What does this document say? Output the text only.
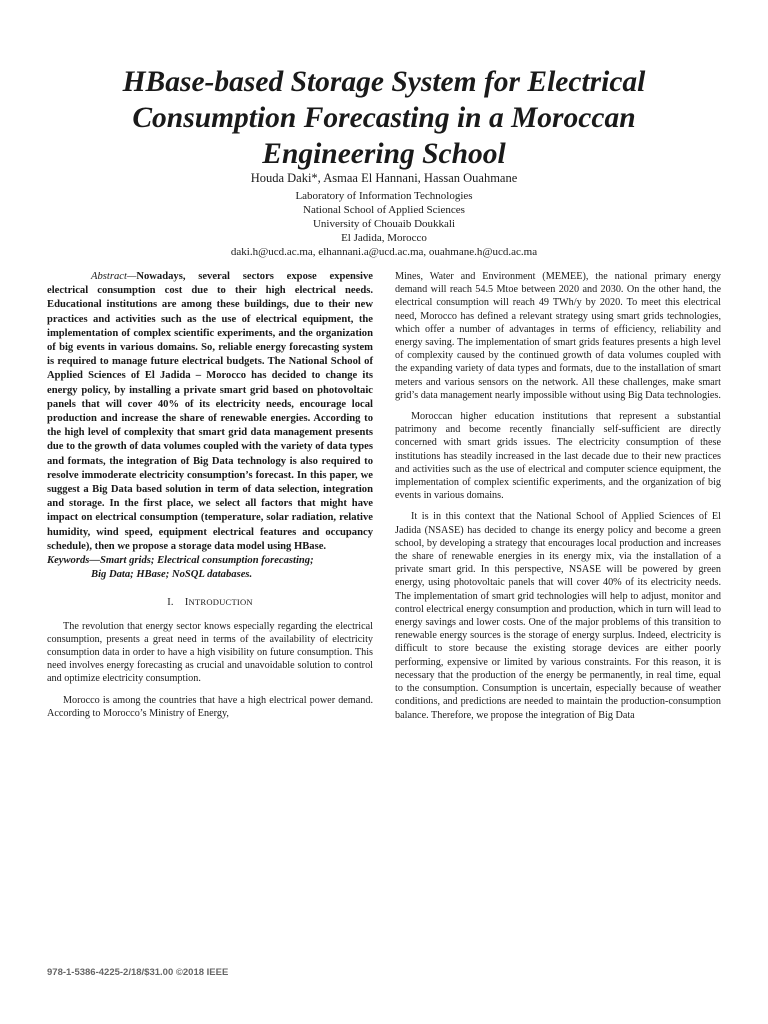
HBase-based Storage System for Electrical Consumption Forecasting in a Moroccan Engineering School

Houda Daki*, Asmaa El Hannani, Hassan Ouahmane

Laboratory of Information Technologies
National School of Applied Sciences
University of Chouaib Doukkali
El Jadida, Morocco
daki.h@ucd.ac.ma, elhannani.a@ucd.ac.ma, ouahmane.h@ucd.ac.ma

Abstract—Nowadays, several sectors expose expensive electrical consumption cost due to their high electrical needs. Educational institutions are among these buildings, due to their new practices and activities such as the use of electrical equipment, the implementation of complex scientific experiments, and the organization of big events in various domains. So, reliable energy forecasting system is required to manage future electrical budgets. The National School of Applied Sciences of El Jadida – Morocco has decided to change its energy policy, by installing a private smart grid based on photovoltaic panels that will cover 40% of its electricity needs, encourage local production and increase the share of renewable energies. According to the high level of complexity that smart grid data management presents due to the growth of data volumes coupled with the variety of data types and formats, the integration of Big Data technology is also required to resolve immoderate electricity consumption’s forecast. In this paper, we suggest a Big Data based solution in term of data selection, integration and storage. In the first place, we select all factors that might have impact on electrical consumption (temperature, solar radiation, relative humidity, wind speed, equipment electrical features and occupancy schedule), then we propose a storage data model using HBase.

Keywords—Smart grids; Electrical consumption forecasting;
Big Data; HBase; NoSQL databases.

I. INTRODUCTION

The revolution that energy sector knows especially regarding the electrical consumption, presents a great need in terms of the availability of electricity consumption data in order to have a high visibility on future consumption. This need involves energy forecasting as crucial and unavoidable solution to control and optimize electricity consumption.

Morocco is among the countries that have a high electrical power demand. According to Morocco’s Ministry of Energy,

Mines, Water and Environment (MEMEE), the national primary energy demand will reach 54.5 Mtoe between 2020 and 2030. On the other hand, the electrical consumption will reach 49 TWh/y by 2020. To meet this electrical need, Morocco has defined a relevant strategy using smart grids technologies, which offer a number of advantages in terms of efficiency, reliability and energy saving. The implementation of smart grids features presents a high level of complexity caused by the continued growth of data volumes coupled with the expanding variety of data types and formats, due to the installation of smart meters and various sensors on the network. All these challenges, make smart grid’s data management nearly impossible without using Big Data technologies.

Moroccan higher education institutions that represent a substantial patrimony and become recently financially self-sufficient are directly concerned with smart grids issues. The electricity consumption of these institutions has steadily increased in the last decade due to their new practices and activities such as the use of electrical and computer science equipment, the implementation of complex scientific experiments, and the organization of big events in various domains.

It is in this context that the National School of Applied Sciences of El Jadida (NSASE) has decided to change its energy policy and become a green school, by developing a strategy that encourages local production and increases the share of renewable energies in its energy mix, via the installation of a private smart grid. In this perspective, NSASE will be powered by green energy, using photovoltaic panels that will cover 40% of its electricity needs. The implementation of smart grid technologies will help to adjust, monitor and control electrical energy consumption and production, which in turn will lead to energy savings and lower costs. One of the major problems of this transition to renewable energy sources is the storage of energy surplus. Indeed, electricity is difficult to store because the existing storage devices are either poorly performing, expensive or limited by various constraints. For this reason, it is necessary that the production of the energy be permanently, in real time, equal to the consumption. Consumption is uncertain, especially because of weather conditions, and predictions are needed to maintain the production-consumption balance. Therefore, we propose the integration of Big Data

978-1-5386-4225-2/18/$31.00 ©2018 IEEE
